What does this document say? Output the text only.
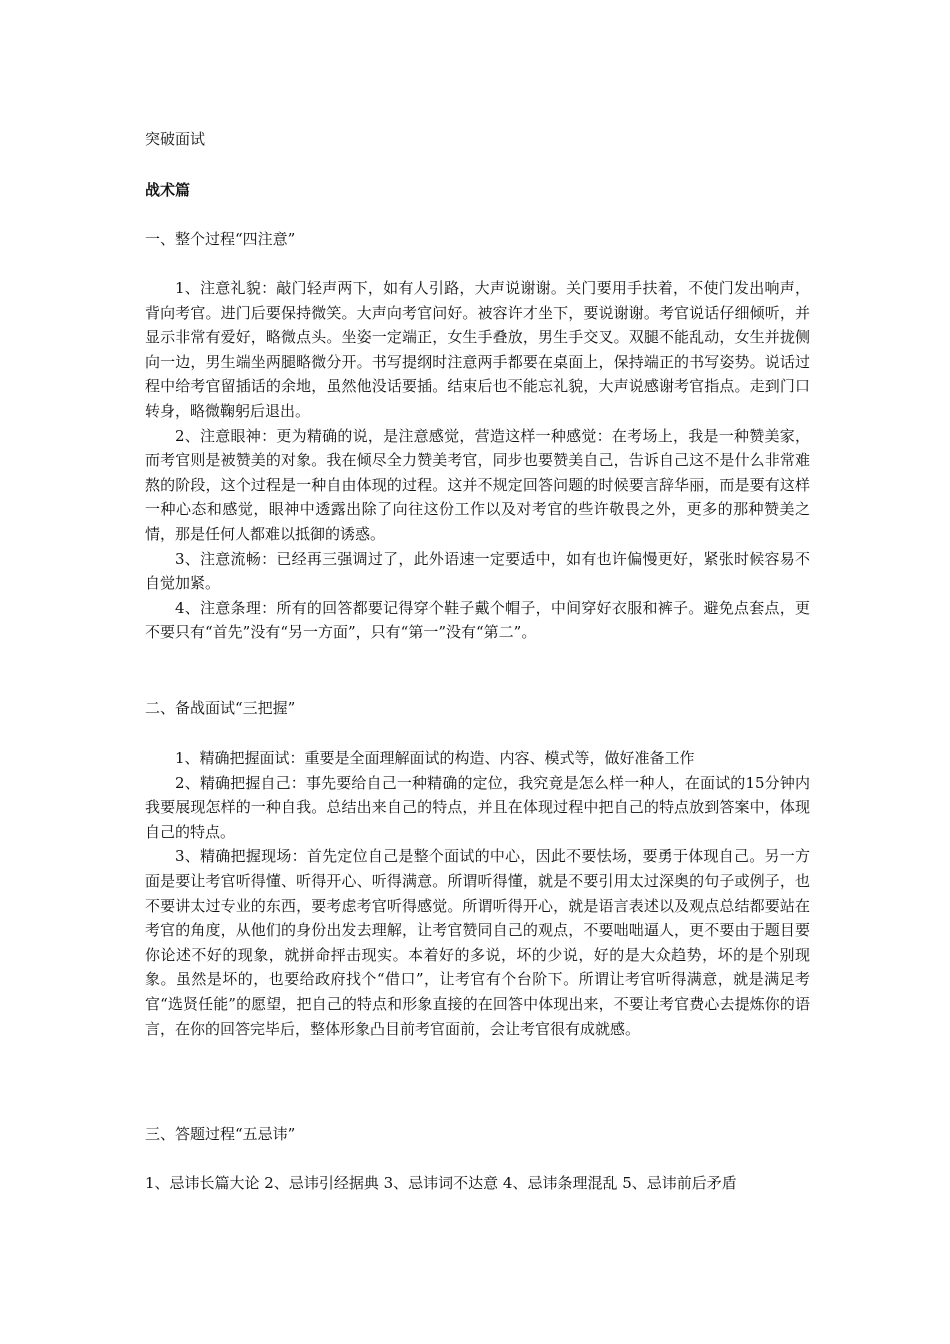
突破面试

战术篇

一、整个过程“四注意”

1、注意礼貌：敲门轻声两下，如有人引路，大声说谢谢。关门要用手扶着，不使门发出响声，背向考官。进门后要保持微笑。大声向考官问好。被容许才坐下，要说谢谢。考官说话仔细倾听，并显示非常有爱好，略微点头。坐姿一定端正，女生手叠放，男生手交叉。双腿不能乱动，女生并拢侧向一边，男生端坐两腿略微分开。书写提纲时注意两手都要在桌面上，保持端正的书写姿势。说话过程中给考官留插话的余地，虽然他没话要插。结束后也不能忘礼貌，大声说感谢考官指点。走到门口转身，略微鞠躬后退出。

2、注意眼神：更为精确的说，是注意感觉，营造这样一种感觉：在考场上，我是一种赞美家，而考官则是被赞美的对象。我在倾尽全力赞美考官，同步也要赞美自己，告诉自己这不是什么非常难熬的阶段，这个过程是一种自由体现的过程。这并不规定回答问题的时候要言辞华丽，而是要有这样一种心态和感觉，眼神中透露出除了向往这份工作以及对考官的些许敬畏之外，更多的那种赞美之情，那是任何人都难以抵御的诱惑。

3、注意流畅：已经再三强调过了，此外语速一定要适中，如有也许偏慢更好，紧张时候容易不自觉加紧。

4、注意条理：所有的回答都要记得穿个鞋子戴个帽子，中间穿好衣服和裤子。避免点套点，更不要只有“首先”没有“另一方面”，只有“第一”没有“第二”。

二、备战面试“三把握”

1、精确把握面试：重要是全面理解面试的构造、内容、模式等，做好准备工作

2、精确把握自己：事先要给自己一种精确的定位，我究竟是怎么样一种人，在面试的15分钟内我要展现怎样的一种自我。总结出来自己的特点，并且在体现过程中把自己的特点放到答案中，体现自己的特点。

3、精确把握现场：首先定位自己是整个面试的中心，因此不要怯场，要勇于体现自己。另一方面是要让考官听得懂、听得开心、听得满意。所谓听得懂，就是不要引用太过深奥的句子或例子，也不要讲太过专业的东西，要考虑考官听得感觉。所谓听得开心，就是语言表述以及观点总结都要站在考官的角度，从他们的身份出发去理解，让考官赞同自己的观点，不要咄咄逼人，更不要由于题目要你论述不好的现象，就拼命抨击现实。本着好的多说，坏的少说，好的是大众趋势，坏的是个别现象。虽然是坏的，也要给政府找个“借口”，让考官有个台阶下。所谓让考官听得满意，就是满足考官“选贤任能”的愿望，把自己的特点和形象直接的在回答中体现出来，不要让考官费心去提炼你的语言，在你的回答完毕后，整体形象凸目前考官面前，会让考官很有成就感。

三、答题过程“五忌讳”

1、忌讳长篇大论 2、忌讳引经据典 3、忌讳词不达意 4、忌讳条理混乱 5、忌讳前后矛盾
